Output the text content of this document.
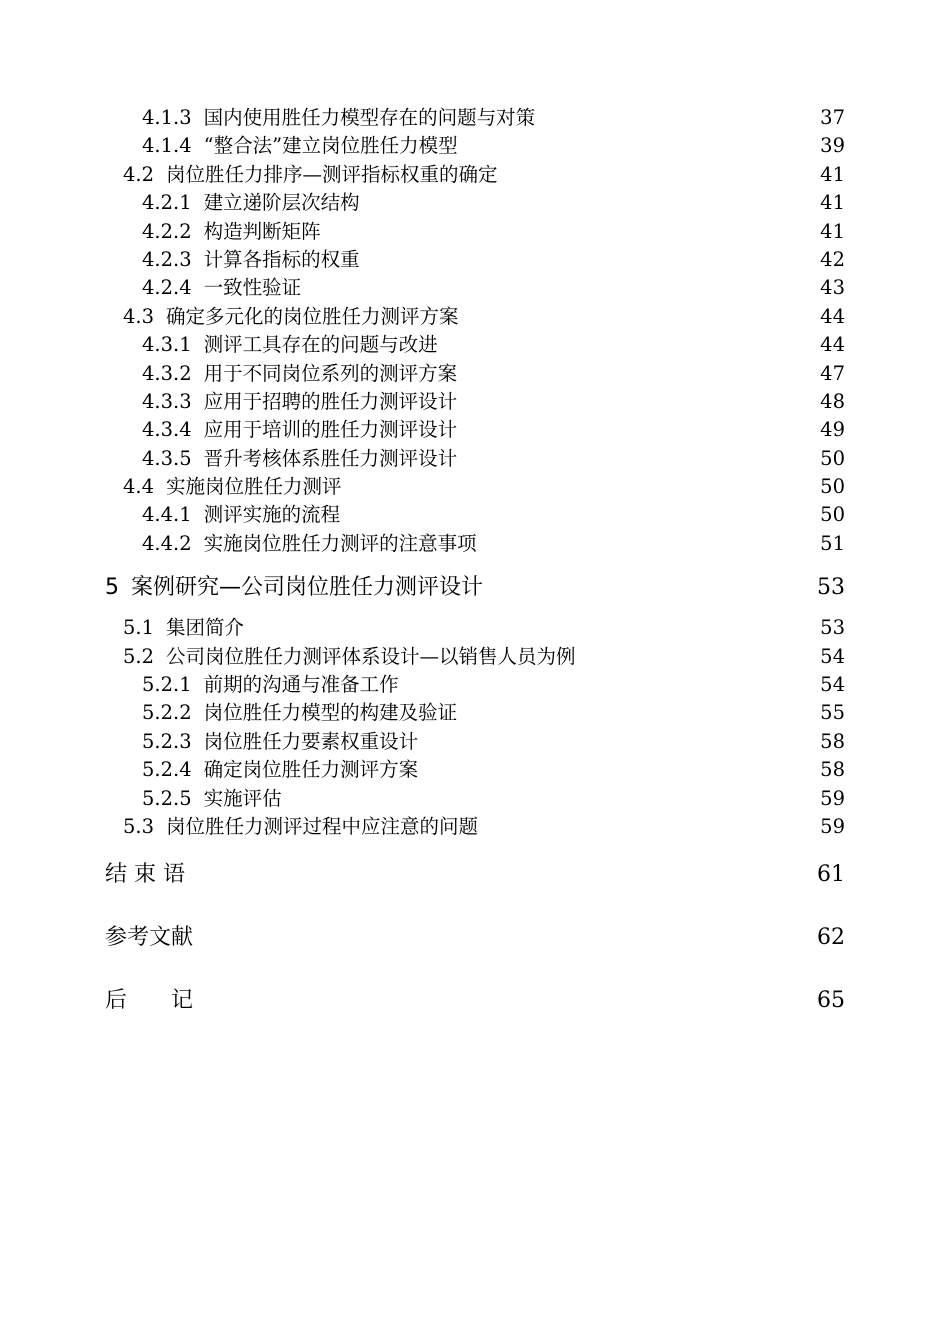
4.1.3 国内使用胜任力模型存在的问题与对策	37
4.1.4 “整合法”建立岗位胜任力模型	39
4.2 岗位胜任力排序—测评指标权重的确定	41
4.2.1 建立递阶层次结构	41
4.2.2 构造判断矩阵	41
4.2.3 计算各指标的权重	42
4.2.4 一致性验证	43
4.3 确定多元化的岗位胜任力测评方案	44
4.3.1 测评工具存在的问题与改进	44
4.3.2 用于不同岗位系列的测评方案	47
4.3.3 应用于招聘的胜任力测评设计	48
4.3.4 应用于培训的胜任力测评设计	49
4.3.5 晋升考核体系胜任力测评设计	50
4.4 实施岗位胜任力测评	50
4.4.1 测评实施的流程	50
4.4.2 实施岗位胜任力测评的注意事项	51
5 案例研究—公司岗位胜任力测评设计	53
5.1 集团简介	53
5.2 公司岗位胜任力测评体系设计—以销售人员为例	54
5.2.1 前期的沟通与准备工作	54
5.2.2 岗位胜任力模型的构建及验证	55
5.2.3 岗位胜任力要素权重设计	58
5.2.4 确定岗位胜任力测评方案	58
5.2.5 实施评估	59
5.3 岗位胜任力测评过程中应注意的问题	59
结 束 语	61
参考文献	62
后　　记	65
